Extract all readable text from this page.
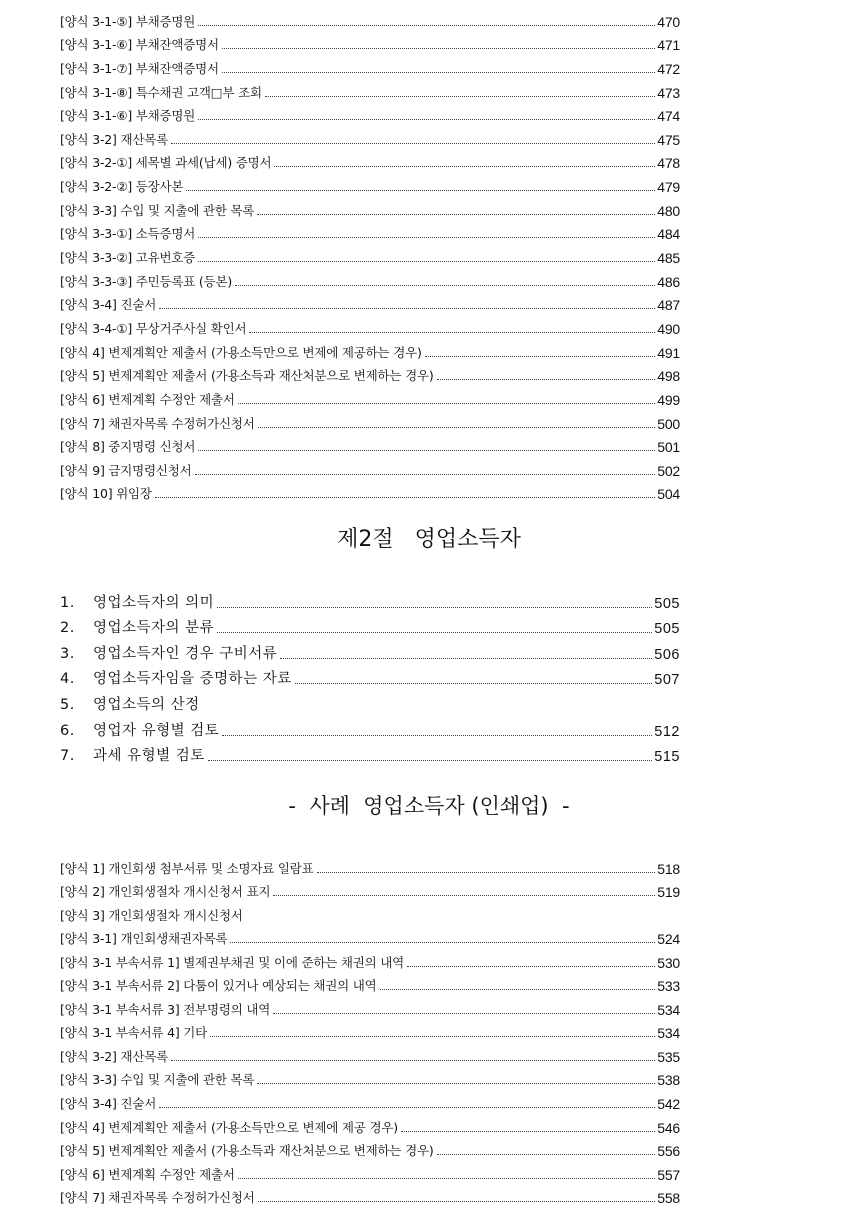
[양식 3-1-⑤] 부채증명원	470
[양식 3-1-⑥] 부채잔액증명서	471
[양식 3-1-⑦] 부채잔액증명서	472
[양식 3-1-⑧] 특수채권 고객□부 조회	473
[양식 3-1-⑥] 부채증명원	474
[양식 3-2] 재산목록	475
[양식 3-2-①] 세목별 과세(납세) 증명서	478
[양식 3-2-②] 등장사본	479
[양식 3-3] 수입 및 지출에 관한 목록	480
[양식 3-3-①] 소득증명서	484
[양식 3-3-②] 고유번호증	485
[양식 3-3-③] 주민등록표 (등본)	486
[양식 3-4] 진술서	487
[양식 3-4-①] 무상거주사실 확인서	490
[양식 4] 변제계획안 제출서 (가용소득만으로 변제에 제공하는 경우)	491
[양식 5] 변제계획안 제출서 (가용소득과 재산처분으로 변제하는 경우)	498
[양식 6] 변제계획 수정안 제출서	499
[양식 7] 채권자목록 수정허가신청서	500
[양식 8] 중지명령 신청서	501
[양식 9] 금지명령신청서	502
[양식 10] 위임장	504
제2절   영업소득자
1. 영업소득자의 의미	505
2. 영업소득자의 분류	505
3. 영업소득자인 경우 구비서류	506
4. 영업소득자임을 증명하는 자료	507
5. 영업소득의 산정
6. 영업자 유형별 검토	512
7. 과세 유형별 검토	515
-  사례  영업소득자 (인쇄업)  -
[양식 1] 개인회생 첨부서류 및 소명자료 일람표	518
[양식 2] 개인회생절차 개시신청서 표지	519
[양식 3] 개인회생절차 개시신청서
[양식 3-1] 개인회생채권자목록	524
[양식 3-1 부속서류 1] 별제권부채권 및 이에 준하는 채권의 내역	530
[양식 3-1 부속서류 2] 다툼이 있거나 예상되는 채권의 내역	533
[양식 3-1 부속서류 3] 전부명령의 내역	534
[양식 3-1 부속서류 4] 기타	534
[양식 3-2] 재산목록	535
[양식 3-3] 수입 및 지출에 관한 목록	538
[양식 3-4] 진술서	542
[양식 4] 변제계획안 제출서 (가용소득만으로 변제에 제공 경우)	546
[양식 5] 변제계획안 제출서 (가용소득과 재산처분으로 변제하는 경우)	556
[양식 6] 변제계획 수정안 제출서	557
[양식 7] 채권자목록 수정허가신청서	558
